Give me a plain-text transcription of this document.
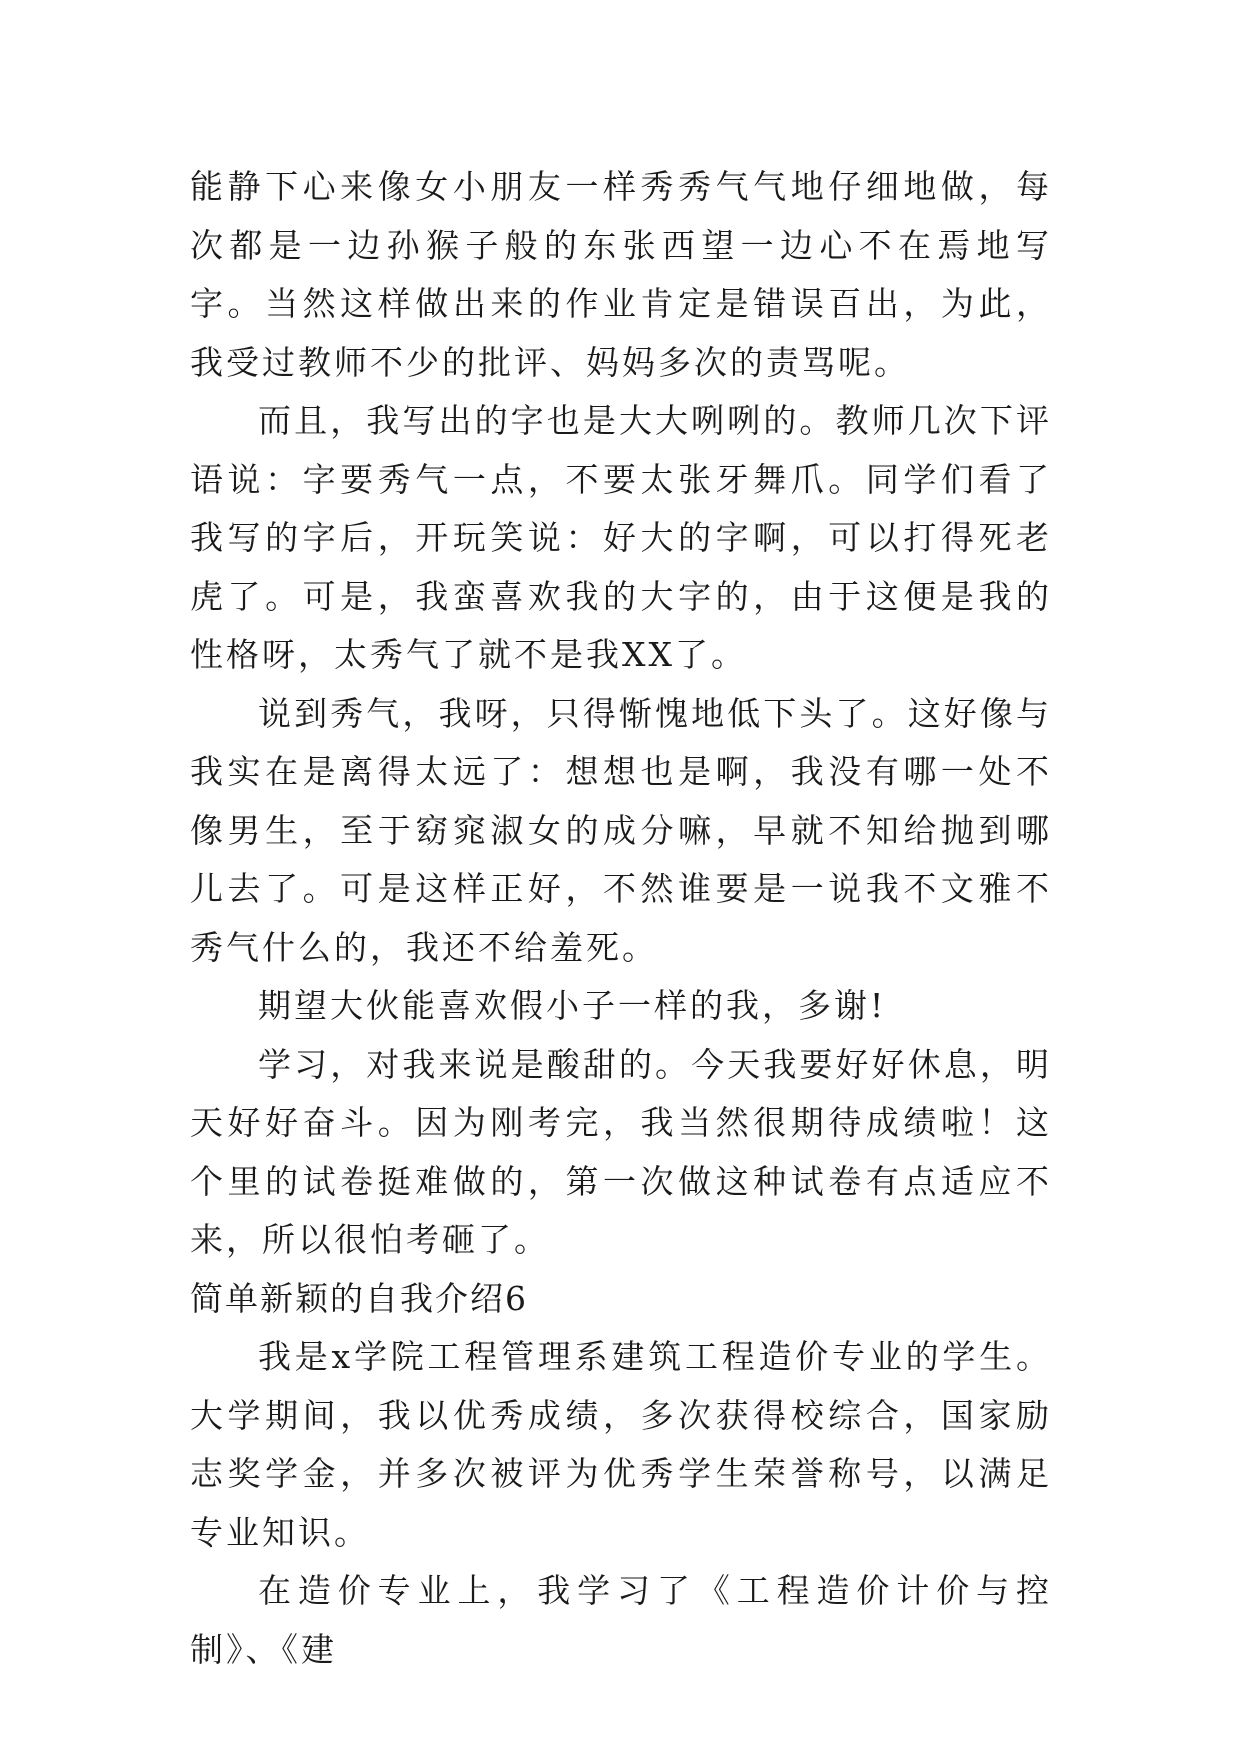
能静下心来像女小朋友一样秀秀气气地仔细地做，每次都是一边孙猴子般的东张西望一边心不在焉地写字。当然这样做出来的作业肯定是错误百出，为此，我受过教师不少的批评、妈妈多次的责骂呢。

而且，我写出的字也是大大咧咧的。教师几次下评语说：字要秀气一点，不要太张牙舞爪。同学们看了我写的字后，开玩笑说：好大的字啊，可以打得死老虎了。可是，我蛮喜欢我的大字的，由于这便是我的性格呀，太秀气了就不是我XX了。

说到秀气，我呀，只得惭愧地低下头了。这好像与我实在是离得太远了：想想也是啊，我没有哪一处不像男生，至于窈窕淑女的成分嘛，早就不知给抛到哪儿去了。可是这样正好，不然谁要是一说我不文雅不秀气什么的，我还不给羞死。

期望大伙能喜欢假小子一样的我，多谢!

学习，对我来说是酸甜的。今天我要好好休息，明天好好奋斗。因为刚考完，我当然很期待成绩啦！这个里的试卷挺难做的，第一次做这种试卷有点适应不来，所以很怕考砸了。

简单新颖的自我介绍6

我是x学院工程管理系建筑工程造价专业的学生。大学期间，我以优秀成绩，多次获得校综合，国家励志奖学金，并多次被评为优秀学生荣誉称号，以满足专业知识。

在造价专业上，我学习了《工程造价计价与控制》、《建
